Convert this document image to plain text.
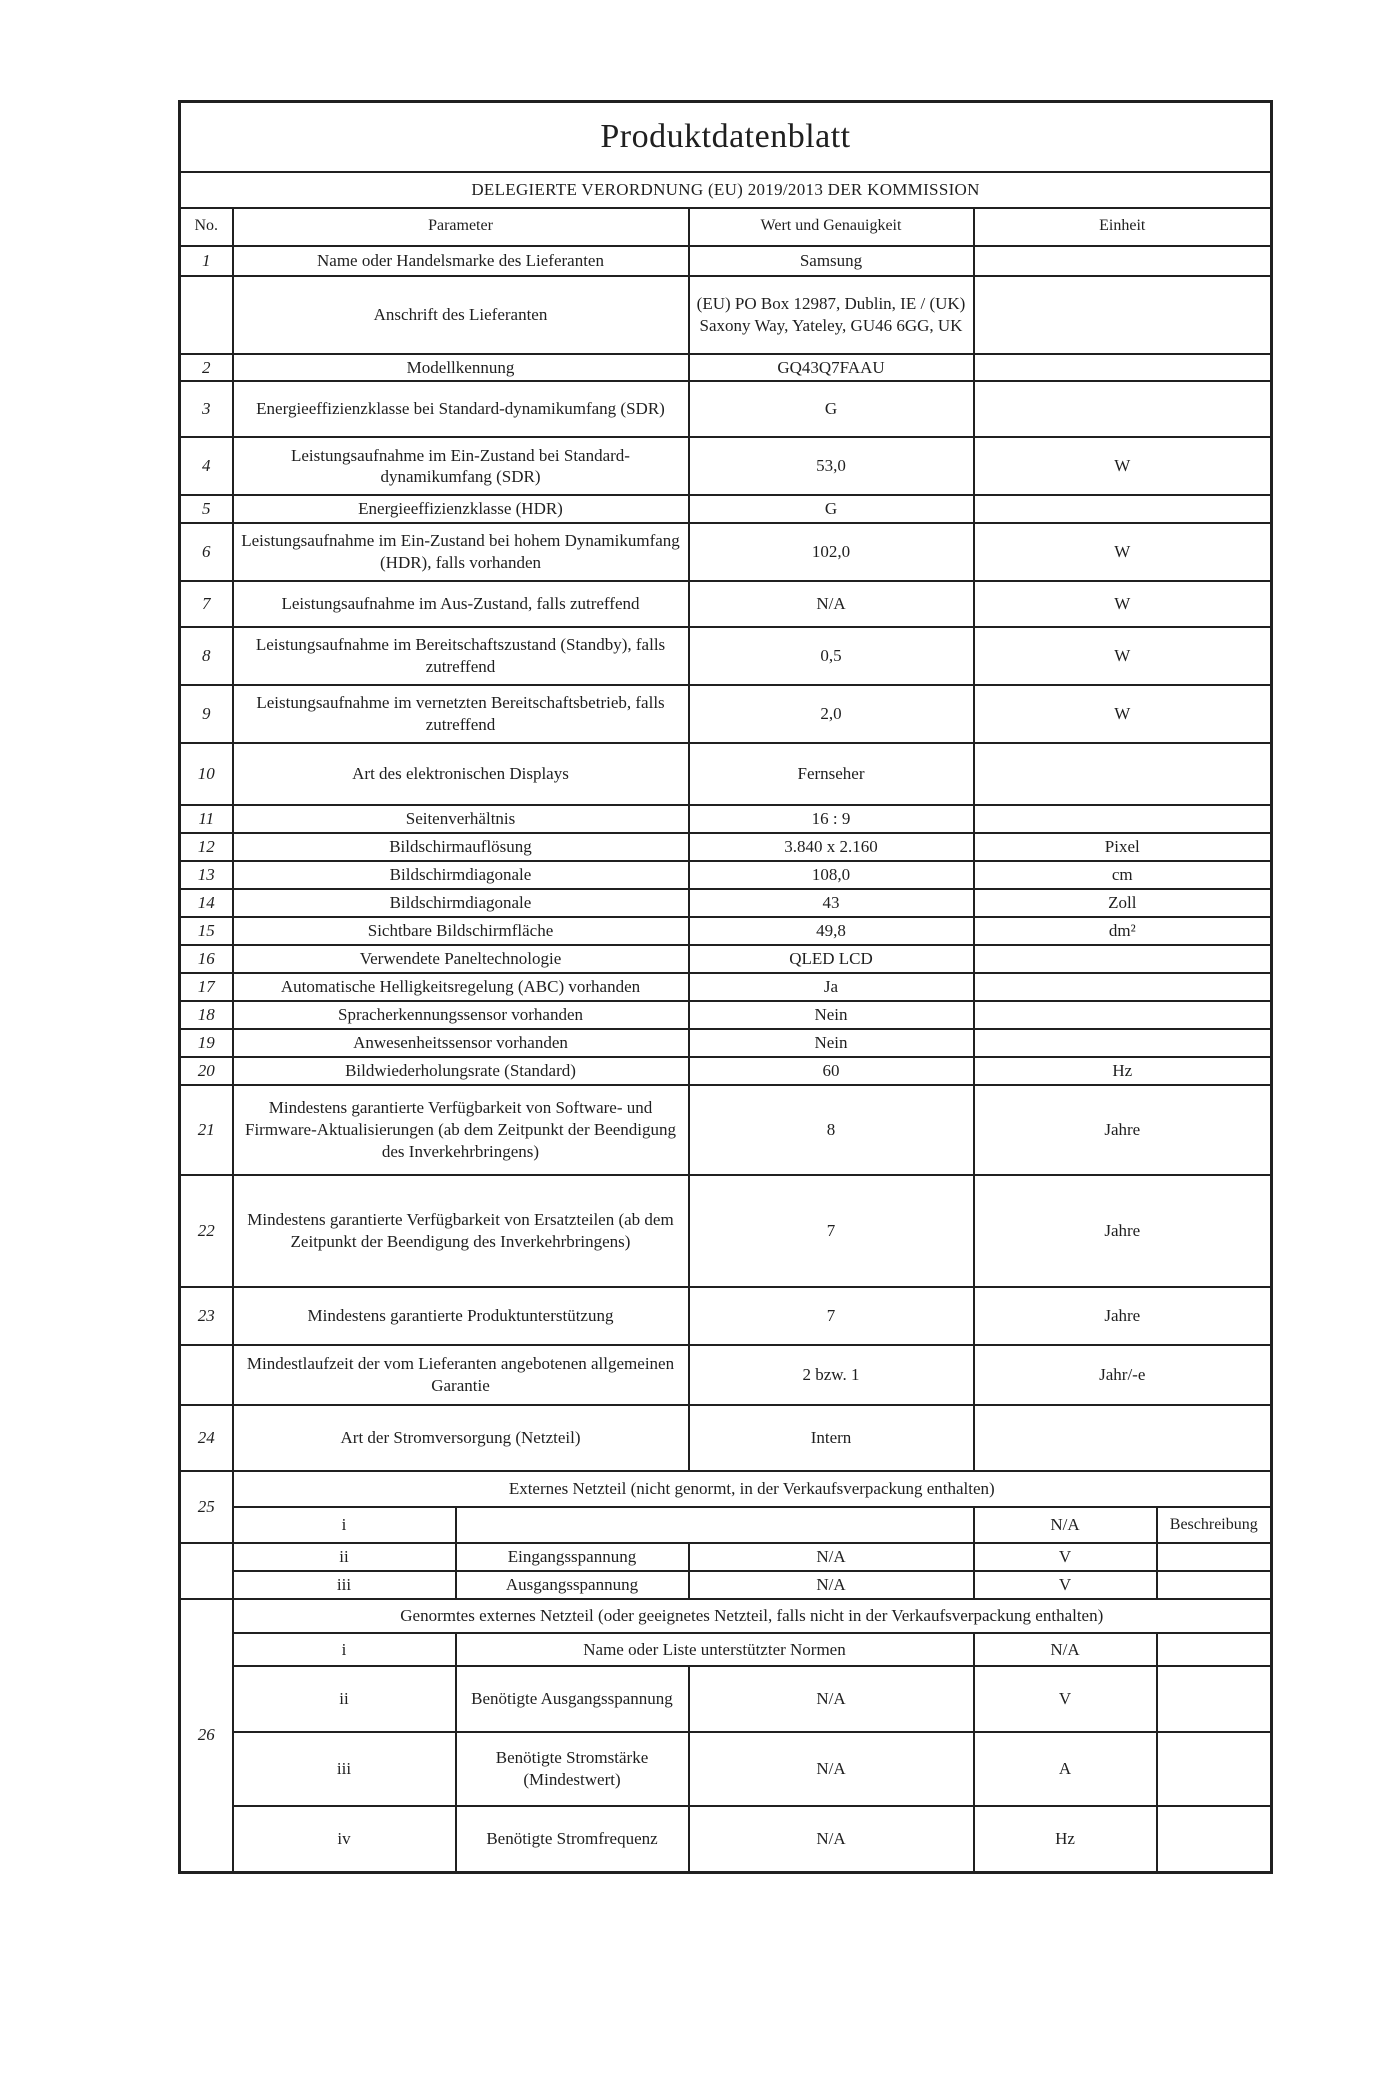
Produktdatenblatt					
DELEGIERTE VERORDNUNG (EU) 2019/2013 DER KOMMISSION					
No.	Parameter		Wert und Genauigkeit	Einheit	
1	Name oder Handelsmarke des Lieferanten		Samsung		
	Anschrift des Lieferanten		(EU) PO Box 12987, Dublin, IE / (UK) Saxony Way, Yateley, GU46 6GG, UK		
2	Modellkennung		GQ43Q7FAAU		
3	Energieeffizienzklasse bei Standard-dynamikumfang (SDR)		G		
4	Leistungsaufnahme im Ein-Zustand bei Standard-dynamikumfang (SDR)		53,0	W	
5	Energieeffizienzklasse (HDR)		G		
6	Leistungsaufnahme im Ein-Zustand bei hohem Dynamikumfang (HDR), falls vorhanden		102,0	W	
7	Leistungsaufnahme im Aus-Zustand, falls zutreffend		N/A	W	
8	Leistungsaufnahme im Bereitschaftszustand (Standby), falls zutreffend		0,5	W	
9	Leistungsaufnahme im vernetzten Bereitschaftsbetrieb, falls zutreffend		2,0	W	
10	Art des elektronischen Displays		Fernseher		
11	Seitenverhältnis		16 : 9		
12	Bildschirmauflösung		3.840 x 2.160	Pixel	
13	Bildschirmdiagonale		108,0	cm	
14	Bildschirmdiagonale		43	Zoll	
15	Sichtbare Bildschirmfläche		49,8	dm²	
16	Verwendete Paneltechnologie		QLED LCD		
17	Automatische Helligkeitsregelung (ABC) vorhanden		Ja		
18	Spracherkennungssensor vorhanden		Nein		
19	Anwesenheitssensor vorhanden		Nein		
20	Bildwiederholungsrate (Standard)		60	Hz	
21	Mindestens garantierte Verfügbarkeit von Software- und Firmware-Aktualisierungen (ab dem Zeitpunkt der Beendigung des Inverkehrbringens)		8	Jahre	
22	Mindestens garantierte Verfügbarkeit von Ersatzteilen (ab dem Zeitpunkt der Beendigung des Inverkehrbringens)		7	Jahre	
23	Mindestens garantierte Produktunterstützung		7	Jahre	
	Mindestlaufzeit der vom Lieferanten angebotenen allgemeinen Garantie		2 bzw. 1	Jahr/-e	
24	Art der Stromversorgung (Netzteil)		Intern		
25	Externes Netzteil (nicht genormt, in der Verkaufsverpackung enthalten)				
	i			N/A	Beschreibung
	ii	Eingangsspannung	N/A	V	
	iii	Ausgangsspannung	N/A	V	
26	Genormtes externes Netzteil (oder geeignetes Netzteil, falls nicht in der Verkaufsverpackung enthalten)				
	i	Name oder Liste unterstützter Normen		N/A	
	ii	Benötigte Ausgangsspannung	N/A	V	
	iii	Benötigte Stromstärke (Mindestwert)	N/A	A	
	iv	Benötigte Stromfrequenz	N/A	Hz	
